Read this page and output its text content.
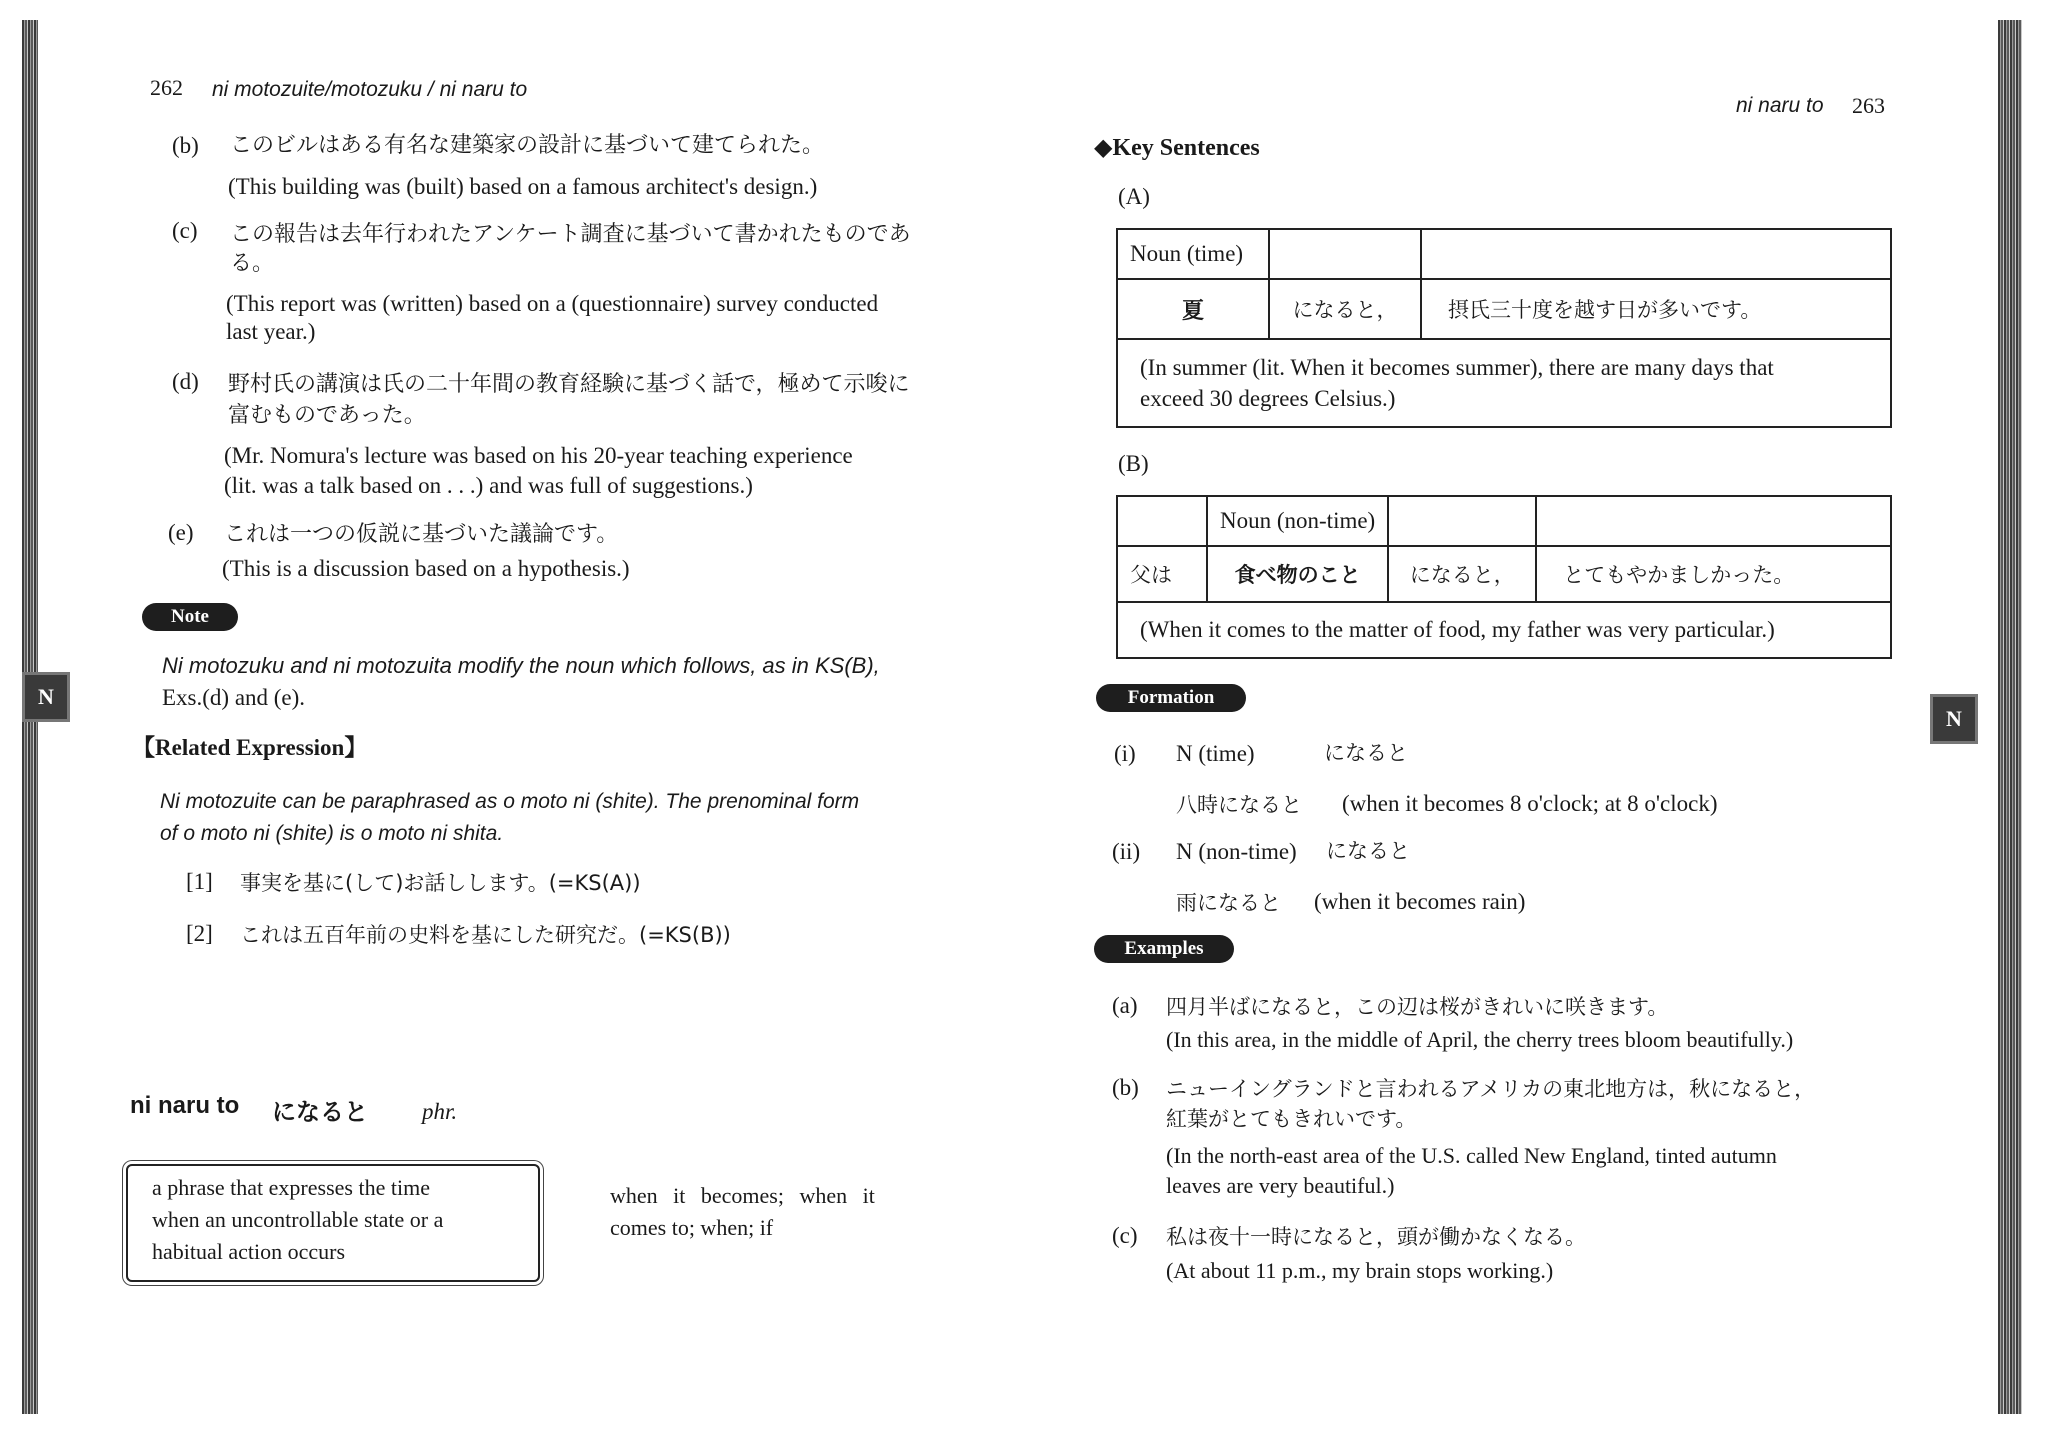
262 ni motozuite/motozuku / ni naru to
(b) このビルはある有名な建築家の設計に基づいて建てられた。
(This building was (built) based on a famous architect's design.)
(c) この報告は去年行われたアンケート調査に基づいて書かれたものであ
る。
(This report was (written) based on a (questionnaire) survey conducted
last year.)
(d) 野村氏の講演は氏の二十年間の教育経験に基づく話で，極めて示唆に
富むものであった。
(Mr. Nomura's lecture was based on his 20-year teaching experience
(lit. was a talk based on . . .) and was full of suggestions.)
(e) これは一つの仮説に基づいた議論です。
(This is a discussion based on a hypothesis.)
Note
Ni motozuku and ni motozuita modify the noun which follows, as in KS(B),
Exs.(d) and (e).
N
【Related Expression】
Ni motozuite can be paraphrased as o moto ni (shite). The prenominal form
of o moto ni (shite) is o moto ni shita.
[1] 事実を基に(して)お話しします。(=KS(A))
[2] これは五百年前の史料を基にした研究だ。(=KS(B))
ni naru to になると phr.
a phrase that expresses the time
when an uncontrollable state or a
habitual action occurs
when it becomes; when it
comes to; when; if
ni naru to 263
◆Key Sentences
(A)
Noun (time)		
夏	になると，	摂氏三十度を越す日が多いです。

(In summer (lit. When it becomes summer), there are many days that
exceed 30 degrees Celsius.)		
(B)
	Noun (non-time)		
父は	食べ物のこと	になると，	とてもやかましかった。
(When it comes to the matter of food, my father was very particular.)			
Formation
(i) N (time)	になると
八時になると (when it becomes 8 o'clock; at 8 o'clock)
(ii) N (non-time) になると
雨になると (when it becomes rain)
N
Examples
(a) 四月半ばになると，この辺は桜がきれいに咲きます。
(In this area, in the middle of April, the cherry trees bloom beautifully.)
(b) ニューイングランドと言われるアメリカの東北地方は，秋になると，
紅葉がとてもきれいです。
(In the north-east area of the U.S. called New England, tinted autumn
leaves are very beautiful.)
(c) 私は夜十一時になると，頭が働かなくなる。
(At about 11 p.m., my brain stops working.)
